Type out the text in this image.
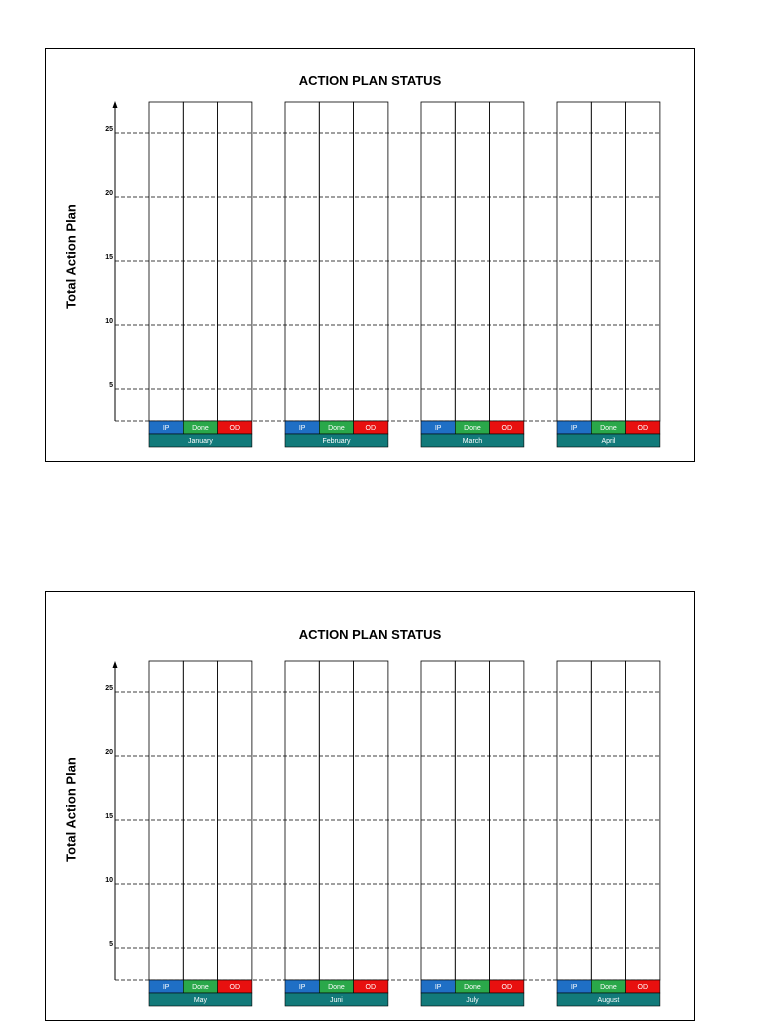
ACTION PLAN STATUS
Total Action Plan
5
10
15
20
25
IP	Done	OD
January
IP	Done	OD
February
IP	Done	OD
March
IP	Done	OD
April
ACTION PLAN STATUS
Total Action Plan
5
10
15
20
25
IP	Done	OD
May
IP	Done	OD
Juni
IP	Done	OD
July
IP	Done	OD
August
